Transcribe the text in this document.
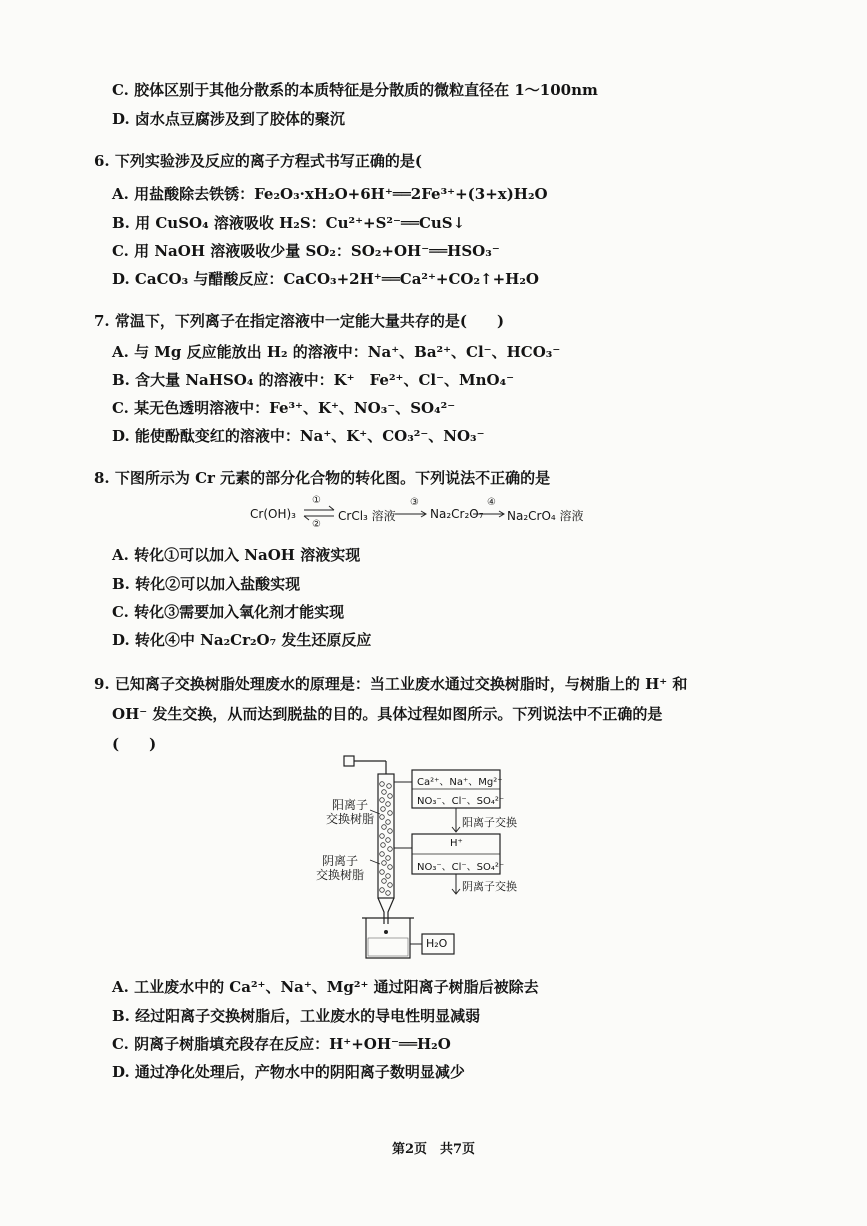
C. 胶体区别于其他分散系的本质特征是分散质的微粒直径在 1～100nm
D. 卤水点豆腐涉及到了胶体的聚沉
6. 下列实验涉及反应的离子方程式书写正确的是(
A. 用盐酸除去铁锈：Fe₂O₃·xH₂O+6H⁺══2Fe³⁺+(3+x)H₂O
B. 用 CuSO₄ 溶液吸收 H₂S：Cu²⁺+S²⁻══CuS↓
C. 用 NaOH 溶液吸收少量 SO₂：SO₂+OH⁻══HSO₃⁻
D. CaCO₃ 与醋酸反应：CaCO₃+2H⁺══Ca²⁺+CO₂↑+H₂O
7. 常温下，下列离子在指定溶液中一定能大量共存的是(　　)
A. 与 Mg 反应能放出 H₂ 的溶液中：Na⁺、Ba²⁺、Cl⁻、HCO₃⁻
B. 含大量 NaHSO₄ 的溶液中：K⁺　Fe²⁺、Cl⁻、MnO₄⁻
C. 某无色透明溶液中：Fe³⁺、K⁺、NO₃⁻、SO₄²⁻
D. 能使酚酞变红的溶液中：Na⁺、K⁺、CO₃²⁻、NO₃⁻
8. 下图所示为 Cr 元素的部分化合物的转化图。下列说法不正确的是
Cr(OH)₃
①
②
⇌ CrCl₃ 溶液
③
Na₂Cr₂O₇
④
Na₂CrO₄ 溶液
A. 转化①可以加入 NaOH 溶液实现
B. 转化②可以加入盐酸实现
C. 转化③需要加入氧化剂才能实现
D. 转化④中 Na₂Cr₂O₇ 发生还原反应
9. 已知离子交换树脂处理废水的原理是：当工业废水通过交换树脂时，与树脂上的 H⁺ 和
OH⁻ 发生交换，从而达到脱盐的目的。具体过程如图所示。下列说法中不正确的是
(　　)
阳离子
交换树脂
阴离子
交换树脂
Ca²⁺、Na⁺、Mg²⁺
NO₃⁻、Cl⁻、SO₄²⁻
阳离子交换
H⁺
NO₃⁻、Cl⁻、SO₄²⁻
阴离子交换
H₂O
A. 工业废水中的 Ca²⁺、Na⁺、Mg²⁺ 通过阳离子树脂后被除去
B. 经过阳离子交换树脂后，工业废水的导电性明显减弱
C. 阴离子树脂填充段存在反应：H⁺+OH⁻══H₂O
D. 通过净化处理后，产物水中的阴阳离子数明显减少
第2页　共7页
